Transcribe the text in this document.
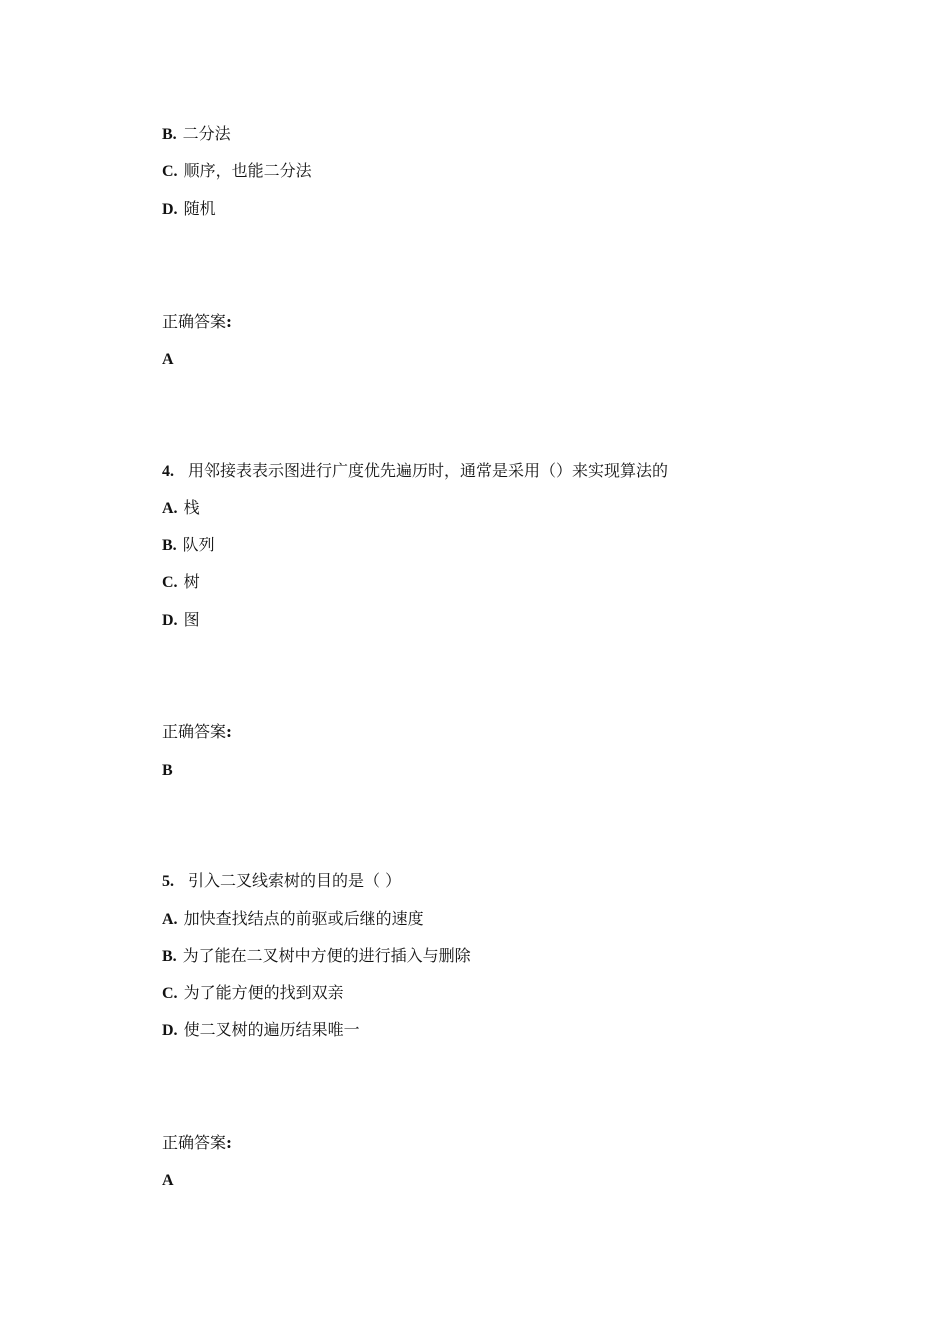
B. 二分法
C. 顺序，也能二分法
D. 随机
正确答案:
A
4. 用邻接表表示图进行广度优先遍历时，通常是采用（）来实现算法的
A. 栈
B. 队列
C. 树
D. 图
正确答案:
B
5. 引入二叉线索树的目的是（ ）
A. 加快查找结点的前驱或后继的速度
B. 为了能在二叉树中方便的进行插入与删除
C. 为了能方便的找到双亲
D. 使二叉树的遍历结果唯一
正确答案:
A
